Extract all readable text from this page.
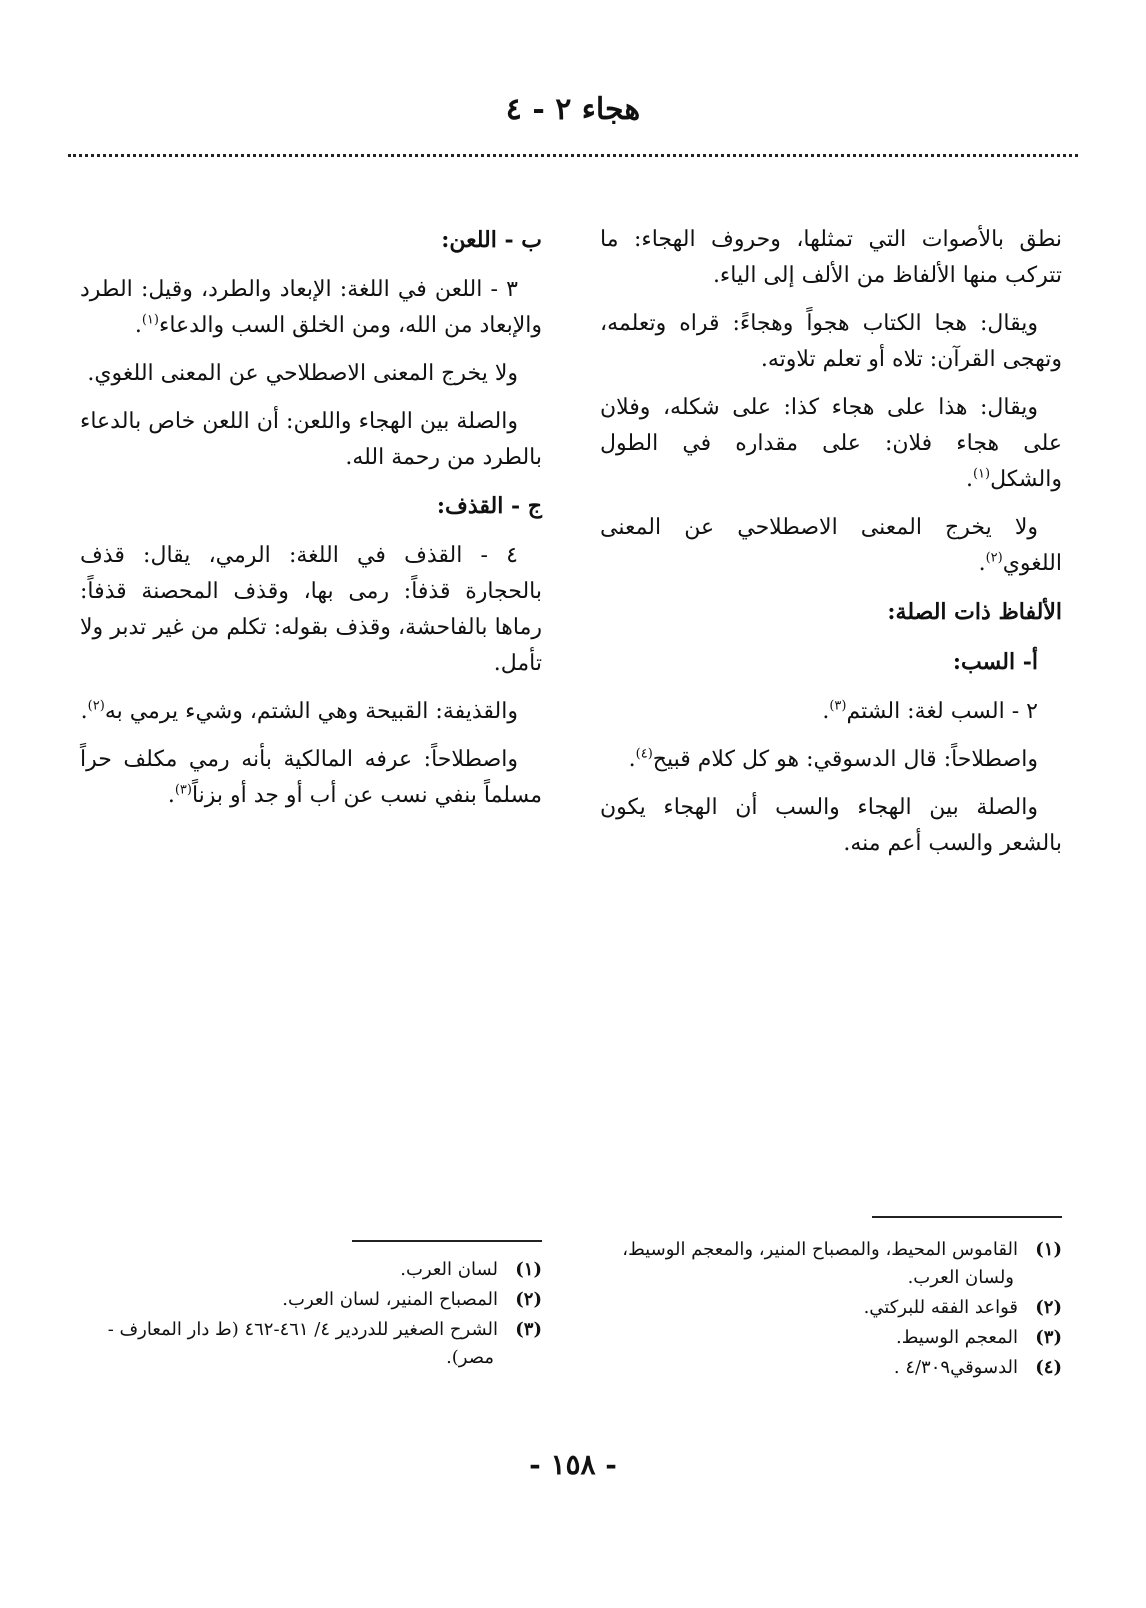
هجاء ٢ - ٤

نطق بالأصوات التي تمثلها، وحروف الهجاء: ما تتركب منها الألفاظ من الألف إلى الياء.

ويقال: هجا الكتاب هجواً وهجاءً: قراه وتعلمه، وتهجى القرآن: تلاه أو تعلم تلاوته.

ويقال: هذا على هجاء كذا: على شكله، وفلان على هجاء فلان: على مقداره في الطول والشكل$^{(١)}$.

ولا يخرج المعنى الاصطلاحي عن المعنى اللغوي$^{(٢)}$.

الألفاظ ذات الصلة:
أ- السب:

٢ - السب لغة: الشتم$^{(٣)}$.

واصطلاحاً: قال الدسوقي: هو كل كلام قبيح$^{(٤)}$.

والصلة بين الهجاء والسب أن الهجاء يكون بالشعر والسب أعم منه.

ب - اللعن:

٣ - اللعن في اللغة: الإبعاد والطرد، وقيل: الطرد والإبعاد من الله، ومن الخلق السب والدعاء$^{(١)}$.

ولا يخرج المعنى الاصطلاحي عن المعنى اللغوي.

والصلة بين الهجاء واللعن: أن اللعن خاص بالدعاء بالطرد من رحمة الله.

ج - القذف:

٤ - القذف في اللغة: الرمي، يقال: قذف بالحجارة قذفاً: رمى بها، وقذف المحصنة قذفاً: رماها بالفاحشة، وقذف بقوله: تكلم من غير تدبر ولا تأمل.

والقذيفة: القبيحة وهي الشتم، وشيء يرمي به$^{(٢)}$.

واصطلاحاً: عرفه المالكية بأنه رمي مكلف حراً مسلماً بنفي نسب عن أب أو جد أو بزناً$^{(٣)}$.

(١)القاموس المحيط، والمصباح المنير، والمعجم الوسيط، ولسان العرب.
(٢)قواعد الفقه للبركتي.
(٣)المعجم الوسيط.
(٤)الدسوقي٤/٣٠٩ .
(١)لسان العرب.
(٢)المصباح المنير، لسان العرب.
(٣)الشرح الصغير للدردير ٤/ ٤٦١-٤٦٢ (ط دار المعارف - مصر).
- ١٥٨ -
